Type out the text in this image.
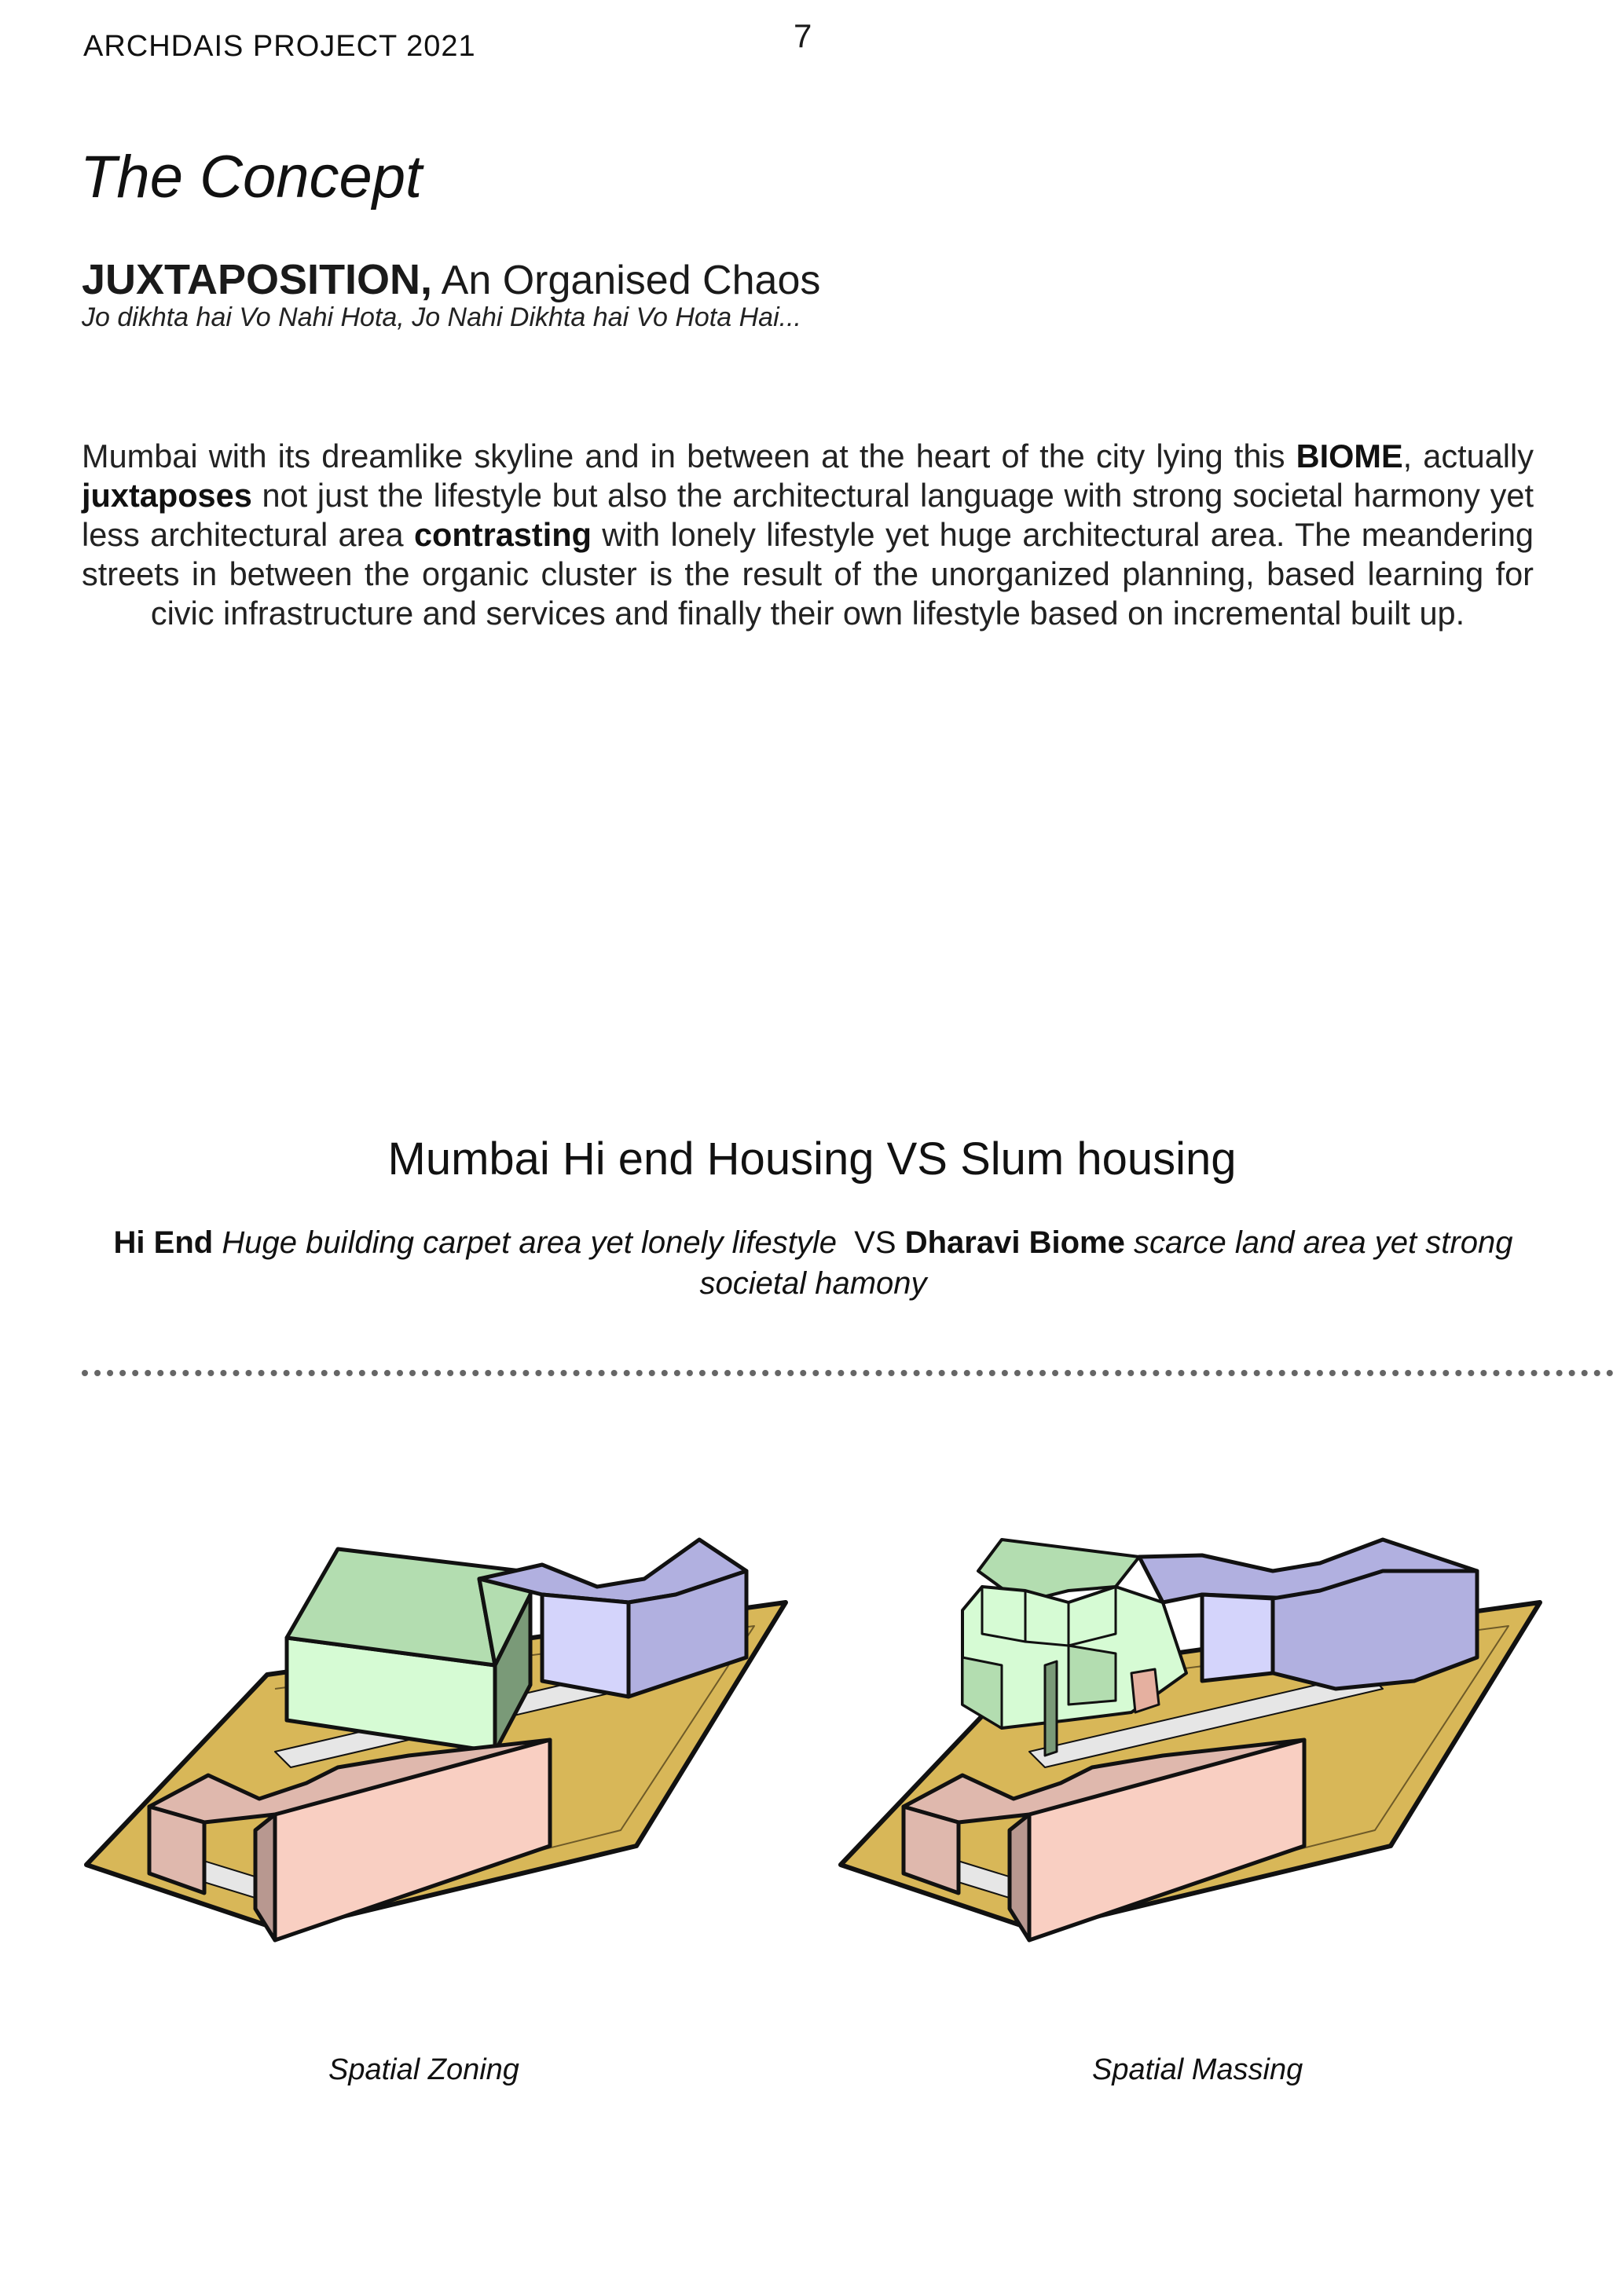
ARCHDAIS PROJECT 2021	7
The Concept
JUXTAPOSITION, An Organised Chaos
Jo dikhta hai Vo Nahi Hota, Jo Nahi Dikhta hai Vo Hota Hai...
Mumbai with its dreamlike skyline and in between at the heart of the city lying this BIOME, actually juxtaposes not just the lifestyle but also the architectural language with strong societal harmony yet less architectural area contrasting with lonely lifestyle yet huge architectural area. The meandering streets in between the organic cluster is the result of the unorganized planning, based learning for civic infrastructure and services and finally their own lifestyle based on incremental built up.
Mumbai Hi end Housing VS Slum housing
Hi End Huge building carpet area yet lonely lifestyle VS Dharavi Biome scarce land area yet strong societal hamony
Spatial Zoning	Spatial Massing
